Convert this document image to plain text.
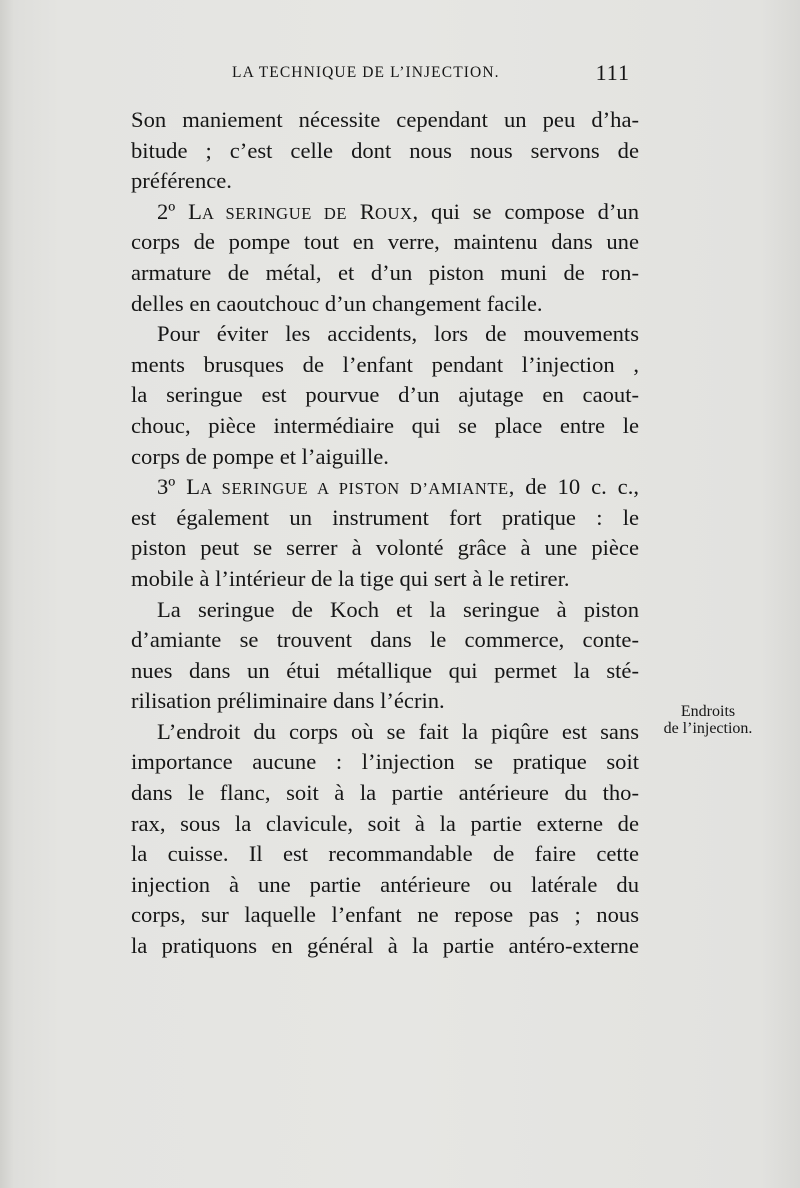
LA TECHNIQUE DE L’INJECTION.	111
Endroits
de l’injection.
Son maniement nécessite cependant un peu d’ha-
bitude ; c’est celle dont nous nous servons de
préférence.
2º LA SERINGUE DE ROUX, qui se compose d’un
corps de pompe tout en verre, maintenu dans une
armature de métal, et d’un piston muni de ron-
delles en caoutchouc d’un changement facile.
Pour éviter les accidents, lors de mouvements
ments brusques de l’enfant pendant l’injection ,
la seringue est pourvue d’un ajutage en caout-
chouc, pièce intermédiaire qui se place entre le
corps de pompe et l’aiguille.
3º LA SERINGUE A PISTON D’AMIANTE, de 10 c. c.,
est également un instrument fort pratique : le
piston peut se serrer à volonté grâce à une pièce
mobile à l’intérieur de la tige qui sert à le retirer.
La seringue de Koch et la seringue à piston
d’amiante se trouvent dans le commerce, conte-
nues dans un étui métallique qui permet la sté-
rilisation préliminaire dans l’écrin.
L’endroit du corps où se fait la piqûre est sans
importance aucune : l’injection se pratique soit
dans le flanc, soit à la partie antérieure du tho-
rax, sous la clavicule, soit à la partie externe de
la cuisse. Il est recommandable de faire cette
injection à une partie antérieure ou latérale du
corps, sur laquelle l’enfant ne repose pas ; nous
la pratiquons en général à la partie antéro-externe
